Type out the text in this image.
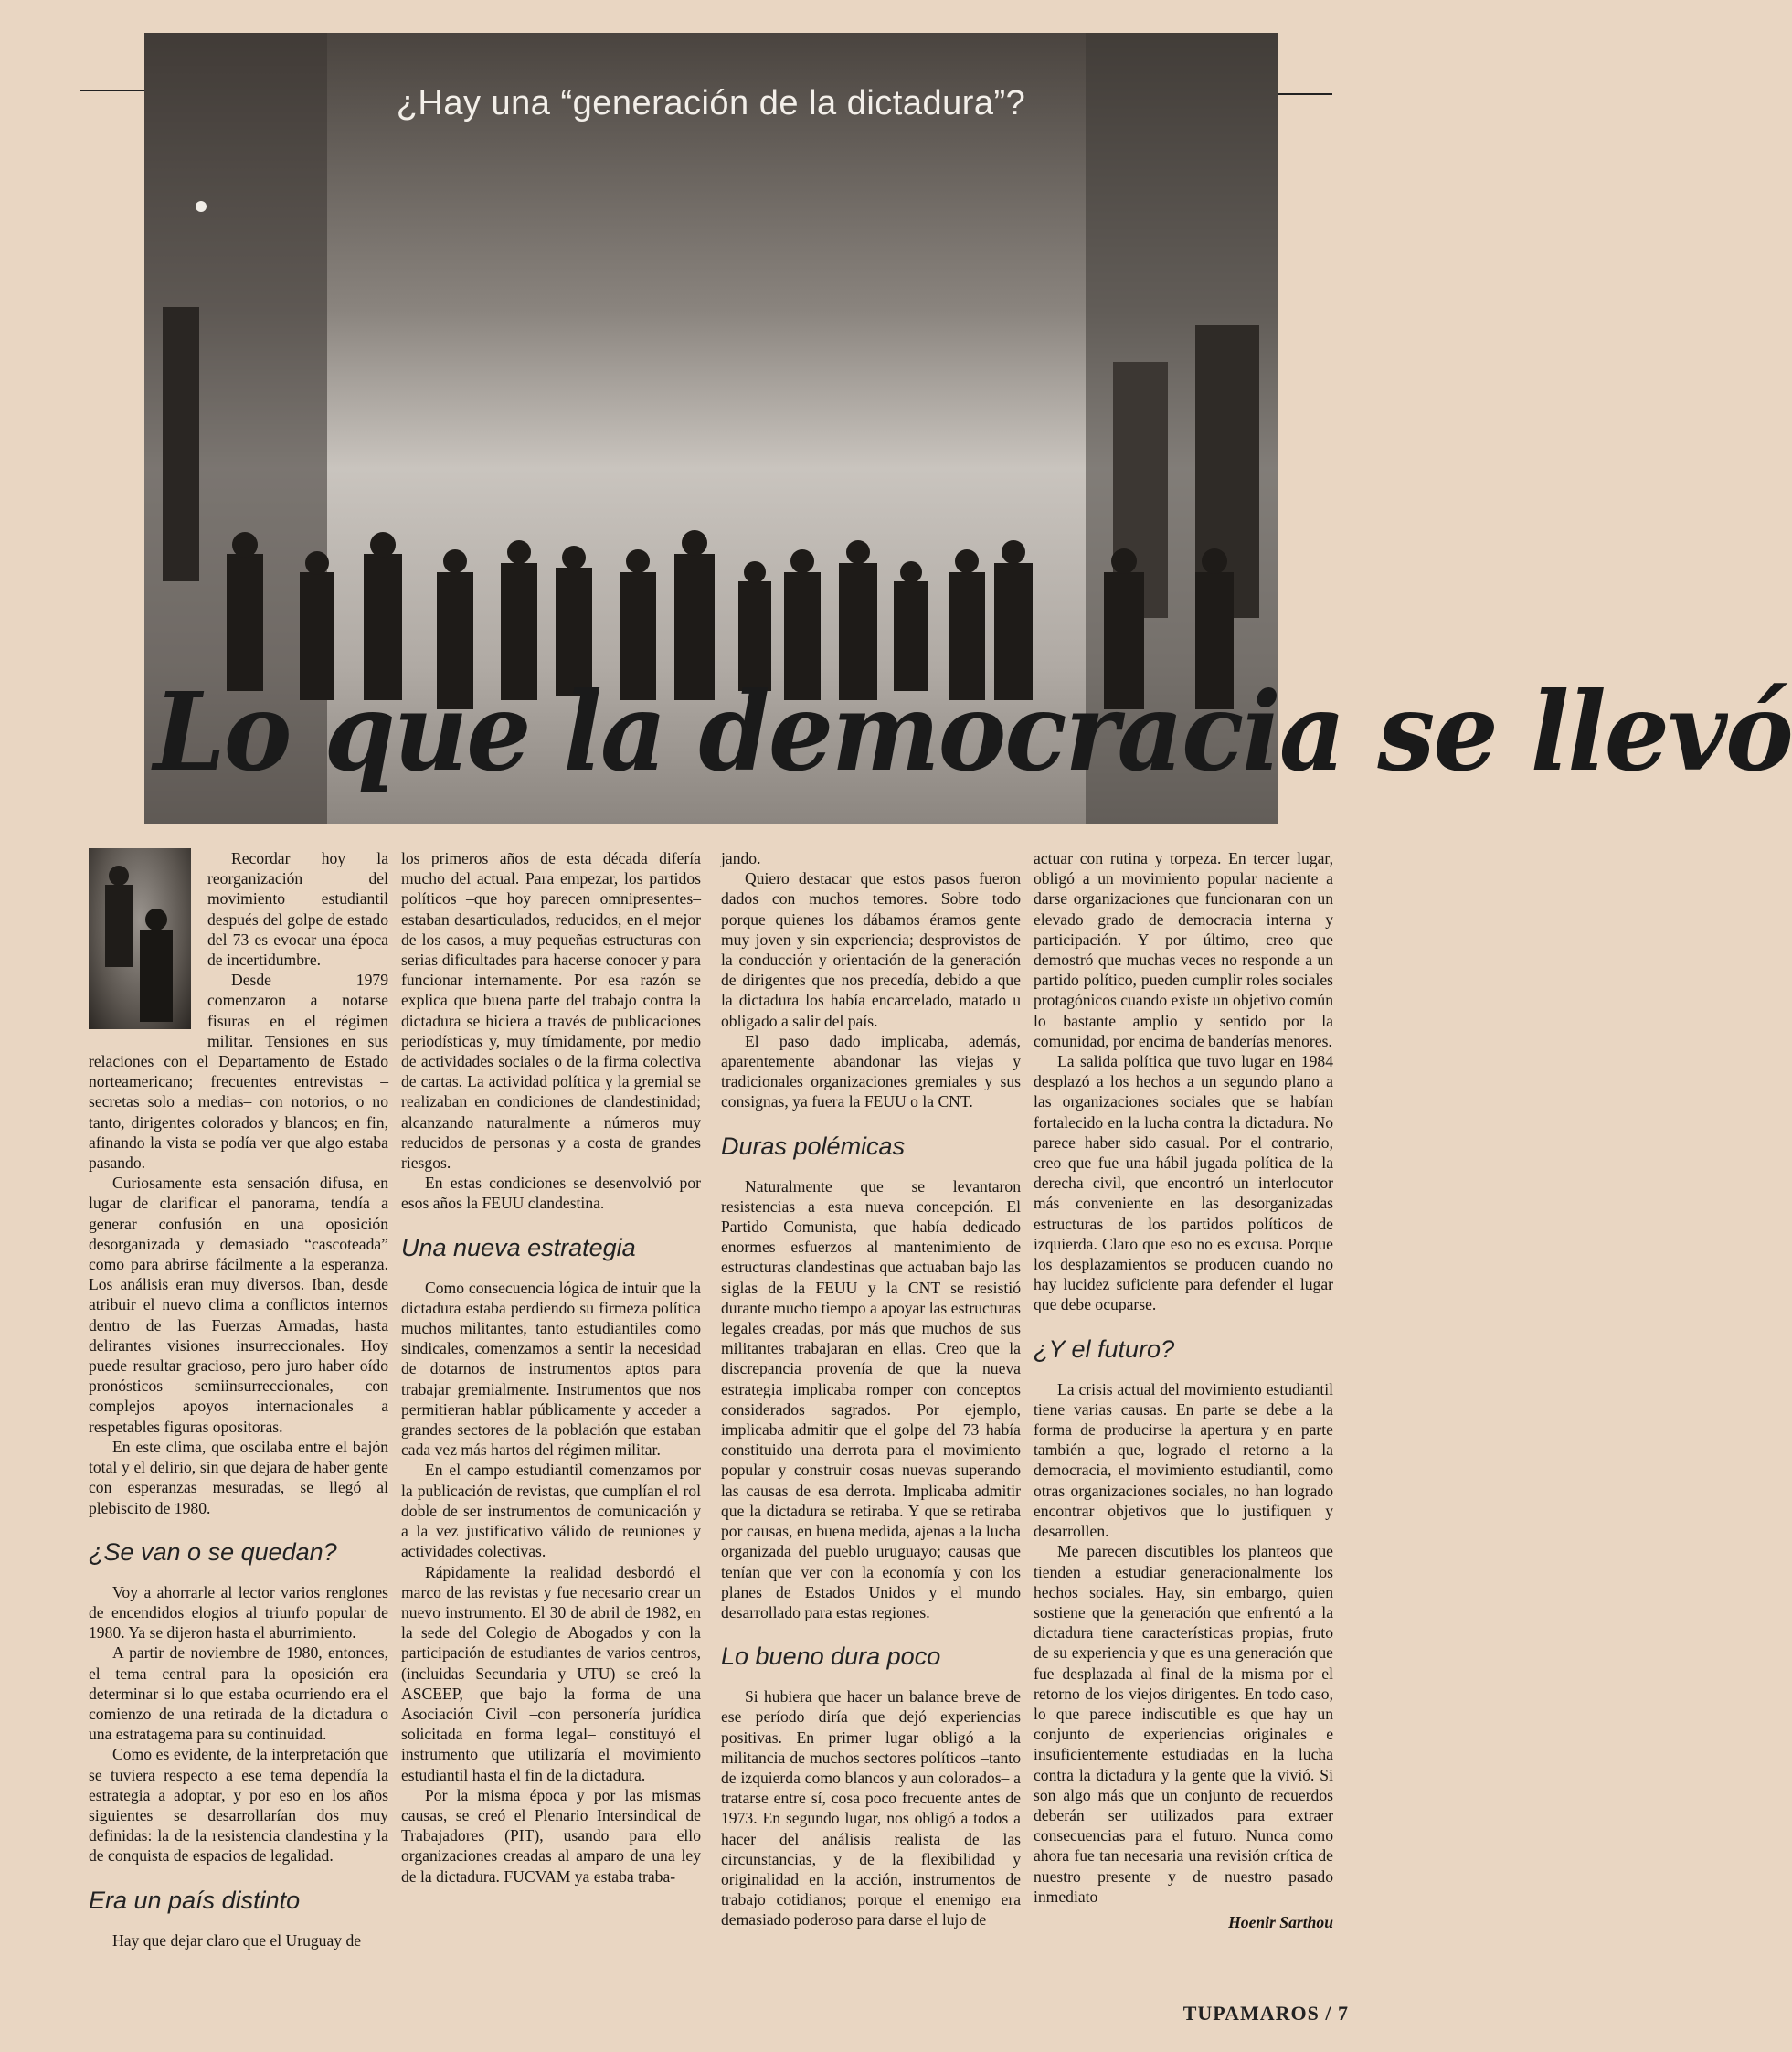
¿Hay una “generación de la dictadura”?
Lo que la democracia se llevó

Recordar hoy la reorganización del movimiento estudiantil después del golpe de estado del 73 es evocar una época de incertidumbre.

Desde 1979 comenzaron a notarse fisuras en el régimen militar. Tensiones en sus relaciones con el Departamento de Estado norteamericano; frecuentes entrevistas –secretas solo a medias– con notorios, o no tanto, dirigentes colorados y blancos; en fin, afinando la vista se podía ver que algo estaba pasando.

Curiosamente esta sensación difusa, en lugar de clarificar el panorama, tendía a generar confusión en una oposición desorganizada y demasiado “cascoteada” como para abrirse fácilmente a la esperanza. Los análisis eran muy diversos. Iban, desde atribuir el nuevo clima a conflictos internos dentro de las Fuerzas Armadas, hasta delirantes visiones insurreccionales. Hoy puede resultar gracioso, pero juro haber oído pronósticos semiinsurreccionales, con complejos apoyos internacionales a respetables figuras opositoras.

En este clima, que oscilaba entre el bajón total y el delirio, sin que dejara de haber gente con esperanzas mesuradas, se llegó al plebiscito de 1980.

¿Se van o se quedan?

Voy a ahorrarle al lector varios renglones de encendidos elogios al triunfo popular de 1980. Ya se dijeron hasta el aburrimiento.

A partir de noviembre de 1980, entonces, el tema central para la oposición era determinar si lo que estaba ocurriendo era el comienzo de una retirada de la dictadura o una estratagema para su continuidad.

Como es evidente, de la interpretación que se tuviera respecto a ese tema dependía la estrategia a adoptar, y por eso en los años siguientes se desarrollarían dos muy definidas: la de la resistencia clandestina y la de conquista de espacios de legalidad.

Era un país distinto

Hay que dejar claro que el Uruguay de

los primeros años de esta década difería mucho del actual. Para empezar, los partidos políticos –que hoy parecen omnipresentes– estaban desarticulados, reducidos, en el mejor de los casos, a muy pequeñas estructuras con serias dificultades para hacerse conocer y para funcionar internamente. Por esa razón se explica que buena parte del trabajo contra la dictadura se hiciera a través de publicaciones periodísticas y, muy tímidamente, por medio de actividades sociales o de la firma colectiva de cartas. La actividad política y la gremial se realizaban en condiciones de clandestinidad; alcanzando naturalmente a números muy reducidos de personas y a costa de grandes riesgos.

En estas condiciones se desenvolvió por esos años la FEUU clandestina.

Una nueva estrategia

Como consecuencia lógica de intuir que la dictadura estaba perdiendo su firmeza política muchos militantes, tanto estudiantiles como sindicales, comenzamos a sentir la necesidad de dotarnos de instrumentos aptos para trabajar gremialmente. Instrumentos que nos permitieran hablar públicamente y acceder a grandes sectores de la población que estaban cada vez más hartos del régimen militar.

En el campo estudiantil comenzamos por la publicación de revistas, que cumplían el rol doble de ser instrumentos de comunicación y a la vez justificativo válido de reuniones y actividades colectivas.

Rápidamente la realidad desbordó el marco de las revistas y fue necesario crear un nuevo instrumento. El 30 de abril de 1982, en la sede del Colegio de Abogados y con la participación de estudiantes de varios centros, (incluidas Secundaria y UTU) se creó la ASCEEP, que bajo la forma de una Asociación Civil –con personería jurídica solicitada en forma legal– constituyó el instrumento que utilizaría el movimiento estudiantil hasta el fin de la dictadura.

Por la misma época y por las mismas causas, se creó el Plenario Intersindical de Trabajadores (PIT), usando para ello organizaciones creadas al amparo de una ley de la dictadura. FUCVAM ya estaba traba-

jando.

Quiero destacar que estos pasos fueron dados con muchos temores. Sobre todo porque quienes los dábamos éramos gente muy joven y sin experiencia; desprovistos de la conducción y orientación de la generación de dirigentes que nos precedía, debido a que la dictadura los había encarcelado, matado u obligado a salir del país.

El paso dado implicaba, además, aparentemente abandonar las viejas y tradicionales organizaciones gremiales y sus consignas, ya fuera la FEUU o la CNT.

Duras polémicas

Naturalmente que se levantaron resistencias a esta nueva concepción. El Partido Comunista, que había dedicado enormes esfuerzos al mantenimiento de estructuras clandestinas que actuaban bajo las siglas de la FEUU y la CNT se resistió durante mucho tiempo a apoyar las estructuras legales creadas, por más que muchos de sus militantes trabajaran en ellas. Creo que la discrepancia provenía de que la nueva estrategia implicaba romper con conceptos considerados sagrados. Por ejemplo, implicaba admitir que el golpe del 73 había constituido una derrota para el movimiento popular y construir cosas nuevas superando las causas de esa derrota. Implicaba admitir que la dictadura se retiraba. Y que se retiraba por causas, en buena medida, ajenas a la lucha organizada del pueblo uruguayo; causas que tenían que ver con la economía y con los planes de Estados Unidos y el mundo desarrollado para estas regiones.

Lo bueno dura poco

Si hubiera que hacer un balance breve de ese período diría que dejó experiencias positivas. En primer lugar obligó a la militancia de muchos sectores políticos –tanto de izquierda como blancos y aun colorados– a tratarse entre sí, cosa poco frecuente antes de 1973. En segundo lugar, nos obligó a todos a hacer del análisis realista de las circunstancias, y de la flexibilidad y originalidad en la acción, instrumentos de trabajo cotidianos; porque el enemigo era demasiado poderoso para darse el lujo de

actuar con rutina y torpeza. En tercer lugar, obligó a un movimiento popular naciente a darse organizaciones que funcionaran con un elevado grado de democracia interna y participación. Y por último, creo que demostró que muchas veces no responde a un partido político, pueden cumplir roles sociales protagónicos cuando existe un objetivo común lo bastante amplio y sentido por la comunidad, por encima de banderías menores.

La salida política que tuvo lugar en 1984 desplazó a los hechos a un segundo plano a las organizaciones sociales que se habían fortalecido en la lucha contra la dictadura. No parece haber sido casual. Por el contrario, creo que fue una hábil jugada política de la derecha civil, que encontró un interlocutor más conveniente en las desorganizadas estructuras de los partidos políticos de izquierda. Claro que eso no es excusa. Porque los desplazamientos se producen cuando no hay lucidez suficiente para defender el lugar que debe ocuparse.

¿Y el futuro?

La crisis actual del movimiento estudiantil tiene varias causas. En parte se debe a la forma de producirse la apertura y en parte también a que, logrado el retorno a la democracia, el movimiento estudiantil, como otras organizaciones sociales, no han logrado encontrar objetivos que lo justifiquen y desarrollen.

Me parecen discutibles los planteos que tienden a estudiar generacionalmente los hechos sociales. Hay, sin embargo, quien sostiene que la generación que enfrentó a la dictadura tiene características propias, fruto de su experiencia y que es una generación que fue desplazada al final de la misma por el retorno de los viejos dirigentes. En todo caso, lo que parece indiscutible es que hay un conjunto de experiencias originales e insuficientemente estudiadas en la lucha contra la dictadura y la gente que la vivió. Si son algo más que un conjunto de recuerdos deberán ser utilizados para extraer consecuencias para el futuro. Nunca como ahora fue tan necesaria una revisión crítica de nuestro presente y de nuestro pasado inmediato

Hoenir Sarthou
TUPAMAROS / 7
